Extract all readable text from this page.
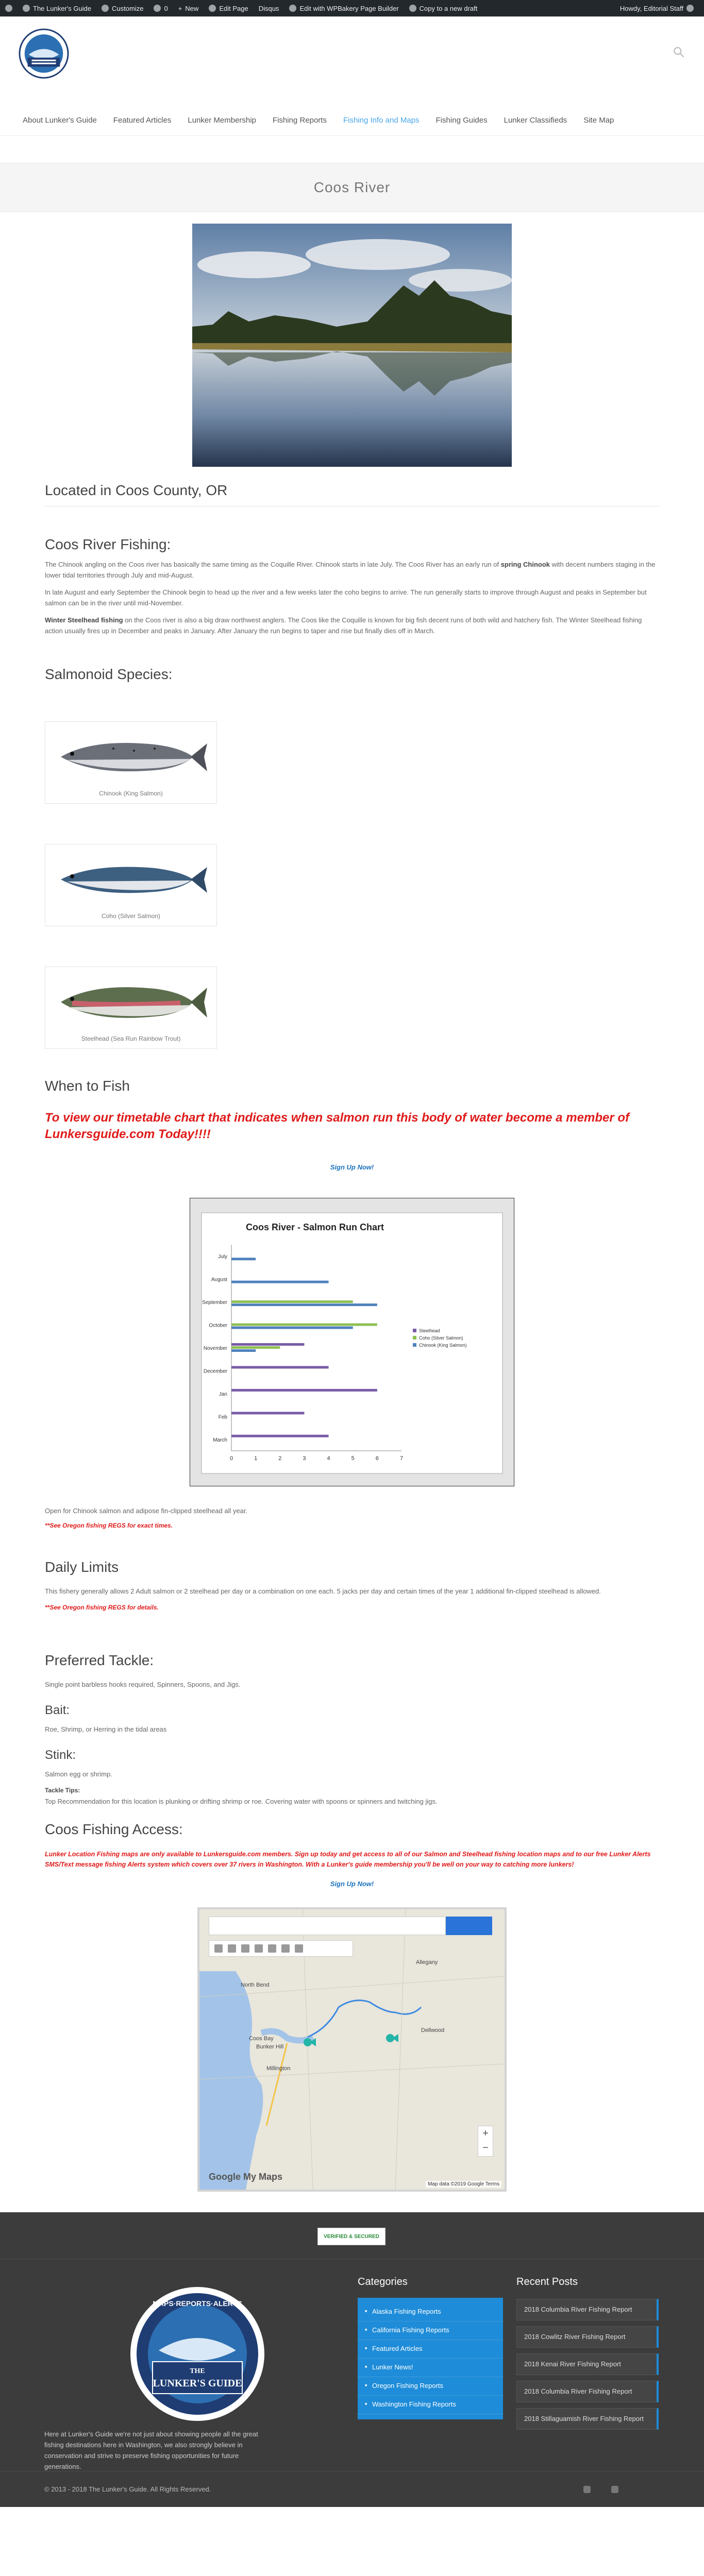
The Lunker's Guide	Customize	0 + New	Edit Page Disqus	Edit with WPBakery Page Builder	Copy to a new draft	Howdy, Editorial Staff
About Lunker's Guide Featured Articles Lunker Membership Fishing Reports Fishing Info and Maps Fishing Guides Lunker Classifieds Site Map
Coos River
Located in Coos County, OR
Coos River Fishing:

The Chinook angling on the Coos river has basically the same timing as the Coquille River. Chinook starts in late July. The Coos River has an early run of spring Chinook with decent numbers staging in the lower tidal territories through July and mid-August.

In late August and early September the Chinook begin to head up the river and a few weeks later the coho begins to arrive. The run generally starts to improve through August and peaks in September but salmon can be in the river until mid-November.

Winter Steelhead fishing on the Coos river is also a big draw northwest anglers. The Coos like the Coquille is known for big fish decent runs of both wild and hatchery fish. The Winter Steelhead fishing action usually fires up in December and peaks in January. After January the run begins to taper and rise but finally dies off in March.

Salmonoid Species:
Chinook (King Salmon)
Coho (Silver Salmon)
Steelhead (Sea Run Rainbow Trout)
When to Fish
To view our timetable chart that indicates when salmon run this body of water become a member of Lunkersguide.com Today!!!!
Sign Up Now!
Coos River - Salmon Run Chart
0	1	2	3	4	5	6	7
July
August
September
October
November
December
Jan
Feb
March
Steelhead
Coho (Silver Salmon)
Chinook (King Salmon)

Open for Chinook salmon and adipose fin-clipped steelhead all year.

**See Oregon fishing REGS for exact times.

Daily Limits

This fishery generally allows 2 Adult salmon or 2 steelhead per day or a combination on one each. 5 jacks per day and certain times of the year 1 additional fin-clipped steelhead is allowed.

**See Oregon fishing REGS for details.

Preferred Tackle:

Single point barbless hooks required, Spinners, Spoons, and Jigs.

Bait:

Roe, Shrimp, or Herring in the tidal areas

Stink:

Salmon egg or shrimp.

Tackle Tips:

Top Recommendation for this location is plunking or drifting shrimp or roe. Covering water with spoons or spinners and twitching jigs.

Coos Fishing Access:

Lunker Location Fishing maps are only available to Lunkersguide.com members. Sign up today and get access to all of our Salmon and Steelhead fishing location maps and to our free Lunker Alerts SMS/Text message fishing Alerts system which covers over 37 rivers in Washington. With a Lunker's guide membership you'll be well on your way to catching more lunkers!

Sign Up Now!
North Bend
Allegany
Coos Bay
Bunker Hill
Dellwood
Millington
+
−
Google My Maps
Map data ©2019 Google Terms
VERIFIED & SECURED
MAPS·REPORTS·ALERTS
THE
LUNKER'S GUIDE

Here at Lunker's Guide we're not just about showing people all the great fishing destinations here in Washington, we also strongly believe in conservation and strive to preserve fishing opportunities for future generations.

Categories
■ Alaska Fishing Reports
■ California Fishing Reports
■ Featured Articles
■ Lunker News!
■ Oregon Fishing Reports
■ Washington Fishing Reports
Recent Posts
2018 Columbia River Fishing Report
2018 Cowlitz River Fishing Report
2018 Kenai River Fishing Report
2018 Columbia River Fishing Report
2018 Stillaguamish River Fishing Report
© 2013 - 2018 The Lunker's Guide. All Rights Reserved.
